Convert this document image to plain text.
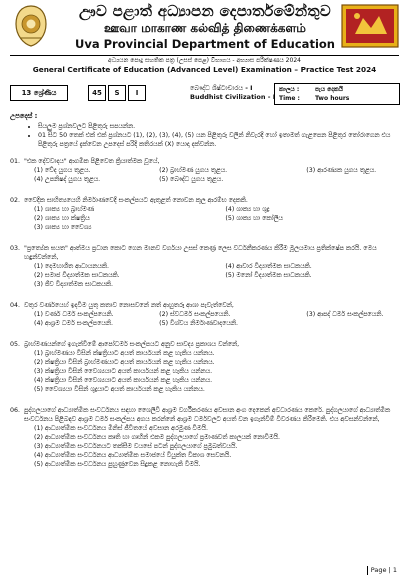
ඌව පළාත් අධ්‍යාපන දෙපාර්තමේන්තුව
ஊவா மாகாண கல்வித் திணைக்களம்
Uva Provincial Department of Education
අධ්‍යයන පොදු සහතික පත්‍ර (උසස් පෙළ) විභාගය - අභ්‍යාස පරීක්ෂණය 2024
General Certificate of Education (Advanced Level) Examination – Practice Test 2024
13 ශ්‍රේණිය	45	S	I
බෞද්ධ ශිෂ්ටාචාරය - I
Buddhist Civilization - I
කාලය :	පැය දෙකයි
Time :	Two hours
උපදෙස් :
• සියලුම ප්‍රශ්නවලට පිළිතුරු සපයන්න.
• 01 සිට 50 තෙක් එක් එක් ප්‍රශ්නයට (1), (2), (3), (4), (5) යන පිළිතුරු වලින් නිවැරදි හෝ ඉතාමත් ගැළපෙන පිළිතුර තෝරාගෙන එය පිළිතුරු පත්‍රයේ දැක්වෙන උපදෙස් පරිදි කතිරයක් (X) යොදා දක්වන්න.
01. "එක දේවවාදය" ආගමික පිළිවෙත ක්‍රියාත්මක වූයේ,
(1) වේද යුගය තුළය.	(2) බ්‍රාහ්මණ යුගය තුළය.	(3) ආරණ්‍යක යුගය තුළය.
(4) උපනිෂද් යුගය තුළය.	(5) බෞද්ධ යුගය තුළය.
02. වෛදික සාහිත්‍යයෙහි නිර්මාණවෙදි සංකල්පයට ඇතුළත් නොවන කුල ආරම්භ දෙකකි.
(1) ශාක්‍ය හා බ්‍රාහ්මණ	(4) ශාක්‍ය හා ශුද්‍ර
(2) ශාක්‍ය හා ක්ෂත්‍රිය	(5) ශාක්‍ය හා කෝලිය
(3) ශාක්‍ය හා වෛශ්‍ය
03. "ප්‍රත්‍යේක ඝයත" ආත්මය ප්‍රධාන කොට ගෙන මානව වර්ගයා උසස් කෙණ්‍ර ලෙස වර්ධනීකරණය කිරීම මූලයමාය ප්‍රතික්ෂේප කරයි. මෙය හඳුන්වන්නේ,
(1) දෙමහාශීත ආධායනයකි.	(4) ආවාර විද්‍යාත්මක සාධකයකි.
(2) සමාජ විද්‍යාත්මක සාධකයකි.	(5) මනෝ විද්‍යාත්මක සාධකයකි.
(3) ජීව විද්‍යාත්මක සාධකයකි.
04. වතුර වර්ණයෙහ් ඉදවීම යුතු කතාව නොසවනේ නත් ආහුතරූ ආශා පැවැත්වෙන්,
(1) වර්ණ ධර්ම සංකල්පයෙනි.	(2) ස්වධර්ම සංකල්පයෙනි.	(3) ආපද් ධර්ම සංකල්පයෙනි.
(4) ආශ්‍රම ධර්ම සංකල්පයෙනි.	(5) විශ්වය නිර්මාණවාදයෙනි.
05. බ්‍රාහ්මණයන්ගේ ඉගැන්වීමේ ආපෝධර්ම සංකල්පයට අනුව සාවද්‍ය ප්‍රකාශය වන්නේ,
(1) බ්‍රාහ්මණයා විසින් ක්ෂත්‍රියාට අයත් කාර්යයන් කළ හැකිය යන්නය.
(2) ක්ෂත්‍රියා විසින් බ්‍රාහ්මණයාට අයත් කාර්යයන් කළ හැකිය යන්නය.
(3) ක්ෂත්‍රියා විසින් වෛශ්‍යයාට අයත් කාර්යයන් කළ හැකිය යන්නය.
(4) ක්ෂත්‍රියා විසින් වෛශ්‍යයාට අයත් කාර්යයන් කළ හැකිය යන්නය.
(5) වෛශ්‍යයා විසින් ශුද්‍රයාට අයත් කාර්යයන් කළ හැකිය යන්නය.
06. පුද්ගලයාගේ ආධ්‍යාත්මික සංවර්ධනය සඳහා ශෛලිවී ආශ්‍රම වර්ගීකරණය අවසාන අංග දෙකෙන් අවධාරණය කෙරේ. පුද්ගලයාගේ ආධ්‍යාත්මික සංවර්ධනය පිළිබඳව ආශ්‍රම ධර්ම සංකල්පය අගය කරන්නේ ආශ්‍රම ධර්මවලට අයත් වන ඉගැන්වීම් විවරණය කිරීමෙනි. එය අවසන්වන්නේ,
(1) ආධ්‍යාත්මික සංවර්ධනය මිනිස් ජීවිතයේ අවසාන අරමුණ වීමයි.
(2) ආධ්‍යාත්මික සංවර්ධනය කෘති හා ගෘහීන් එකම පුද්ගලයාගේ ප්‍රමාණවත් කාලයක් නොවීමයි.
(3) ආධ්‍යාත්මික සංවර්ධනයට තක්සීම වයසේ පටන් පුද්ගලයාගේ ප්‍රමුඛත්වයයි.
(4) ආධ්‍යාත්මික සංවර්ධනය ආධ්‍යාත්මික සමාජයේ වියුක්ත විකාශ සෙවනයි.
(5) ආධ්‍යාත්මික සංවර්ධනය පුහුණුවෙන සිදුකළ නොහැකි වීමයි.
Page | 1
